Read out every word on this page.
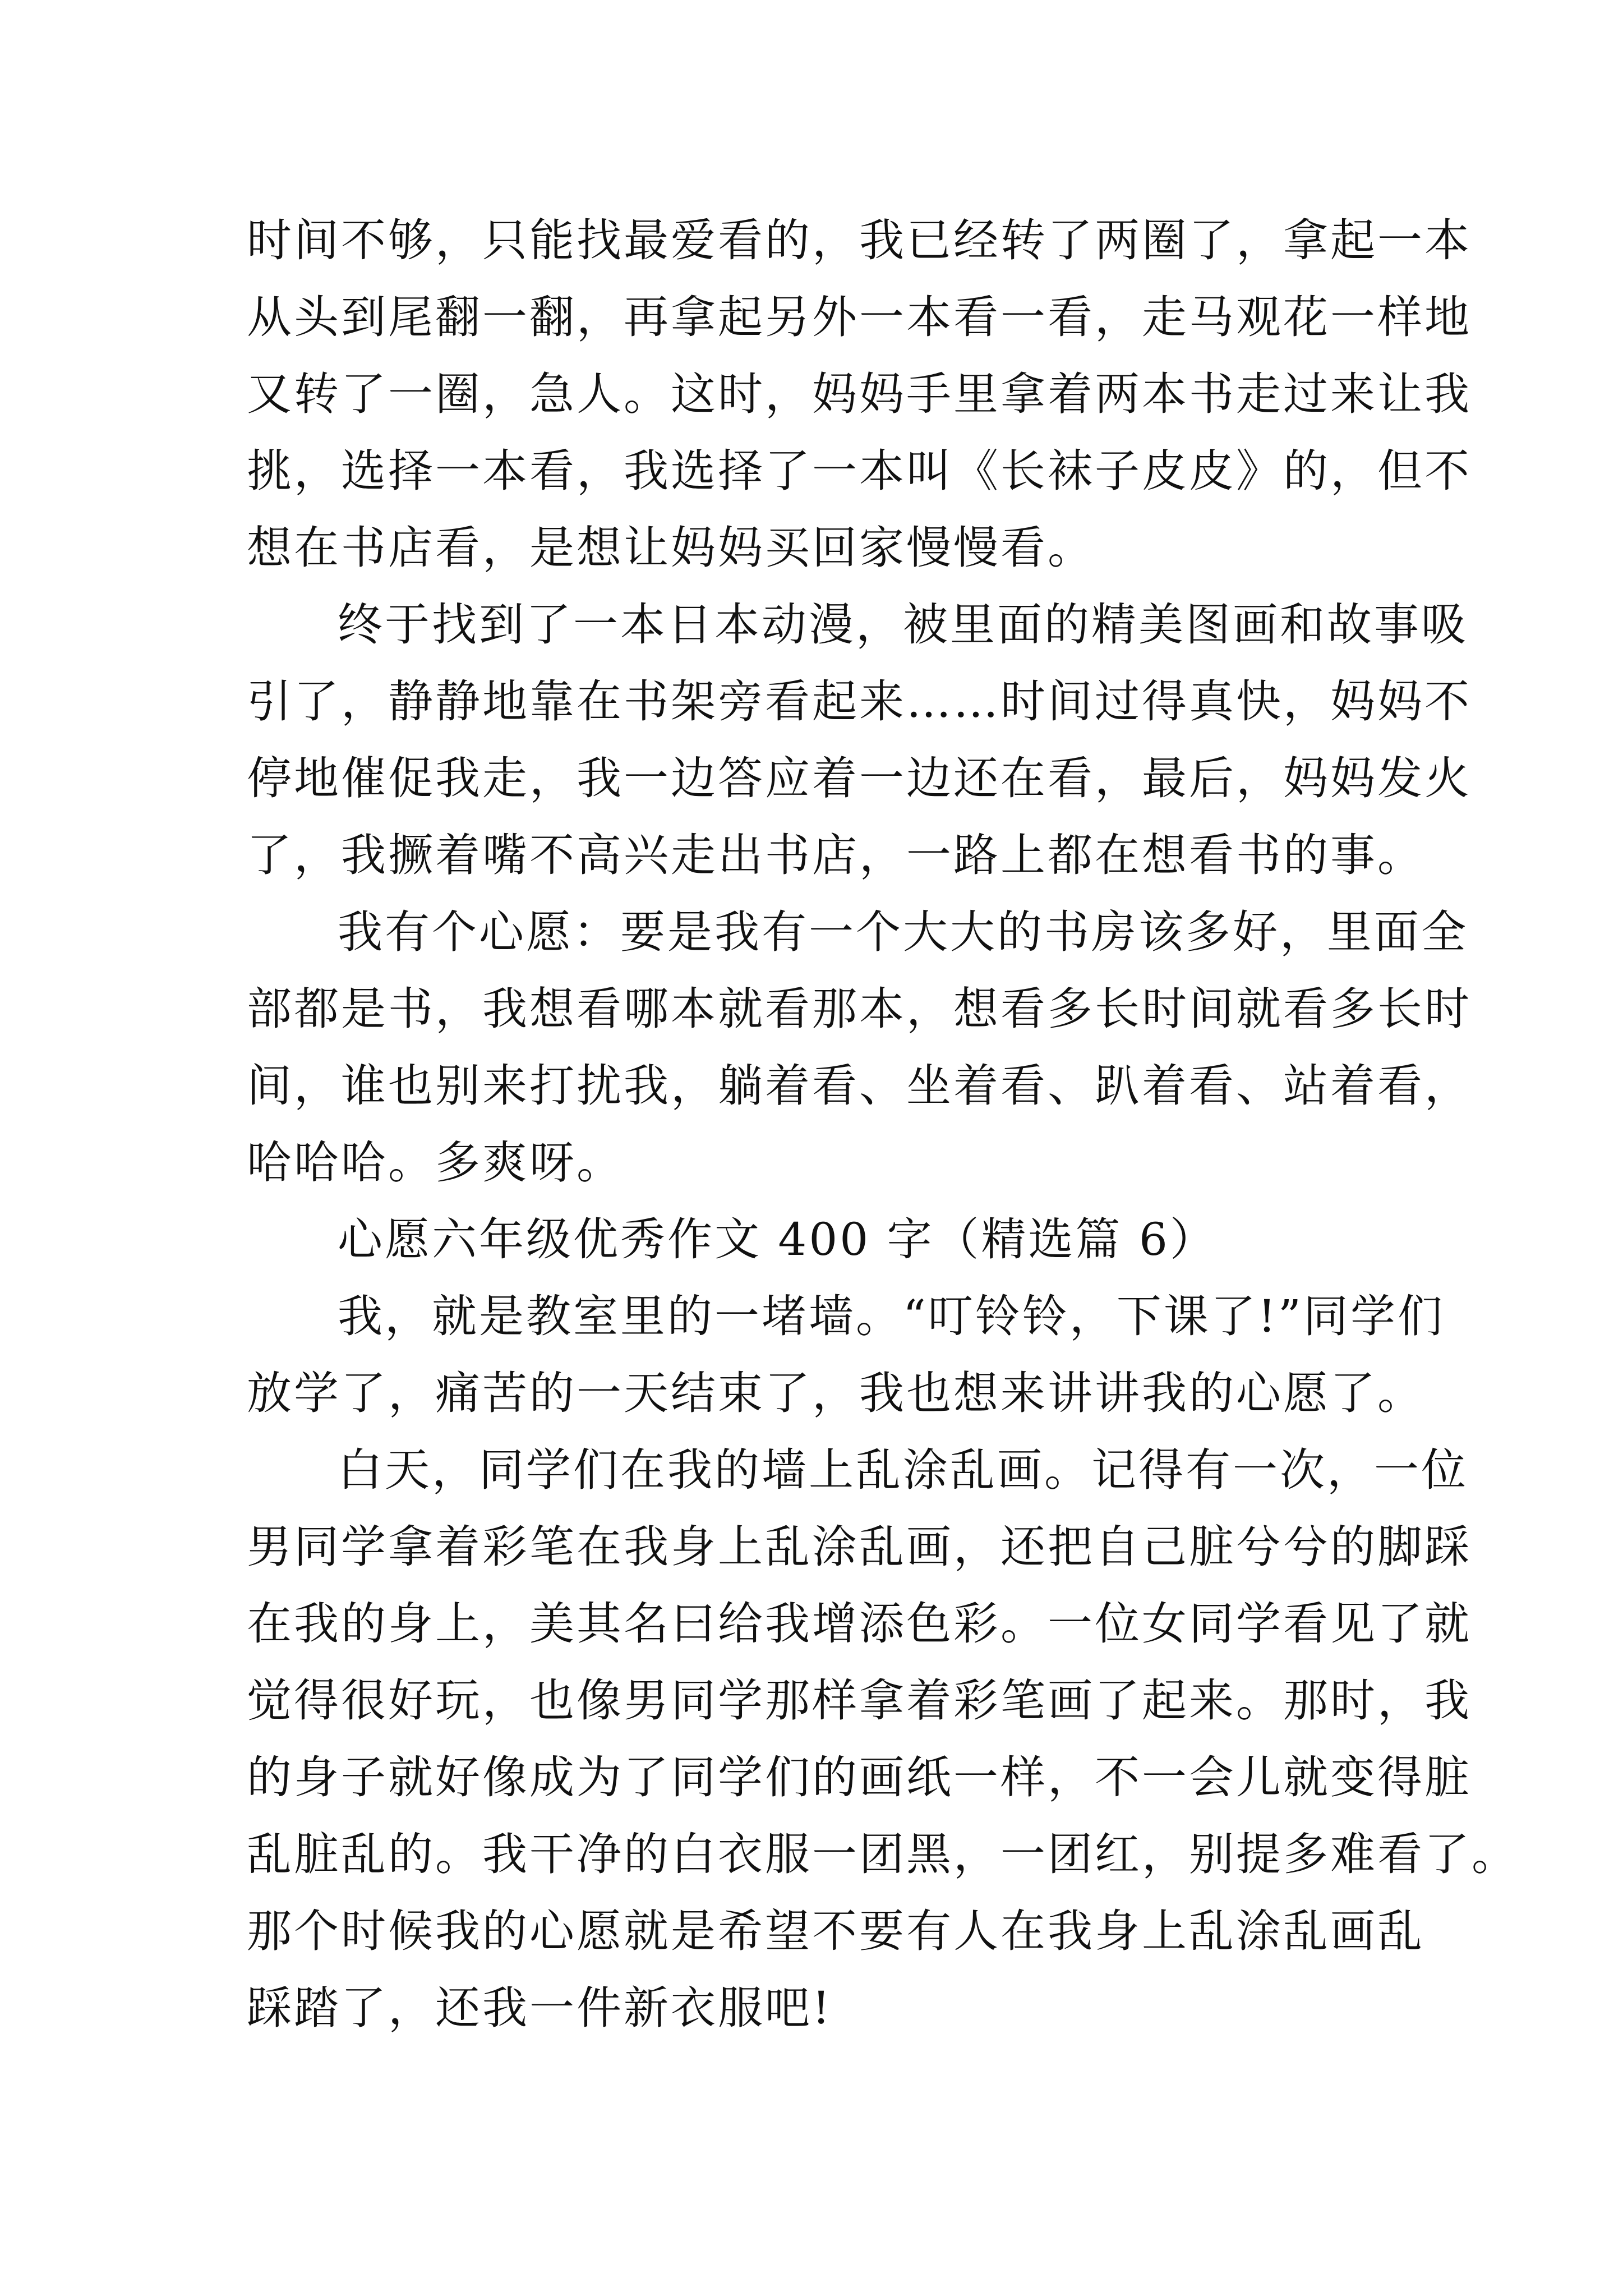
时间不够，只能找最爱看的，我已经转了两圈了，拿起一本
从头到尾翻一翻，再拿起另外一本看一看，走马观花一样地
又转了一圈，急人。这时，妈妈手里拿着两本书走过来让我
挑，选择一本看，我选择了一本叫《长袜子皮皮》的，但不
想在书店看，是想让妈妈买回家慢慢看。
终于找到了一本日本动漫，被里面的精美图画和故事吸
引了，静静地靠在书架旁看起来……时间过得真快，妈妈不
停地催促我走，我一边答应着一边还在看，最后，妈妈发火
了，我撅着嘴不高兴走出书店，一路上都在想看书的事。
我有个心愿：要是我有一个大大的书房该多好，里面全
部都是书，我想看哪本就看那本，想看多长时间就看多长时
间，谁也别来打扰我，躺着看、坐着看、趴着看、站着看，
哈哈哈。多爽呀。
心愿六年级优秀作文 400 字（精选篇 6）
我，就是教室里的一堵墙。“叮铃铃，下课了!”同学们
放学了，痛苦的一天结束了，我也想来讲讲我的心愿了。
白天，同学们在我的墙上乱涂乱画。记得有一次，一位
男同学拿着彩笔在我身上乱涂乱画，还把自己脏兮兮的脚踩
在我的身上，美其名曰给我增添色彩。一位女同学看见了就
觉得很好玩，也像男同学那样拿着彩笔画了起来。那时，我
的身子就好像成为了同学们的画纸一样，不一会儿就变得脏
乱脏乱的。我干净的白衣服一团黑，一团红，别提多难看了。
那个时候我的心愿就是希望不要有人在我身上乱涂乱画乱
踩踏了，还我一件新衣服吧!
